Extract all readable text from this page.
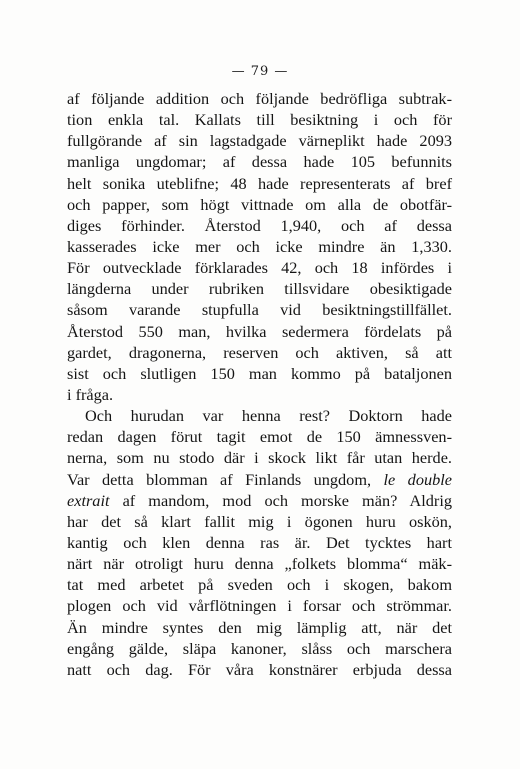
— 79 —
af följande addition och följande bedröfliga subtrak-
tion enkla tal. Kallats till besiktning i och för
fullgörande af sin lagstadgade värneplikt hade 2093
manliga ungdomar; af dessa hade 105 befunnits
helt sonika uteblifne; 48 hade representerats af bref
och papper, som högt vittnade om alla de obotfär-
diges förhinder. Återstod 1,940, och af dessa
kasserades icke mer och icke mindre än 1,330.
För outvecklade förklarades 42, och 18 infördes i
längderna under rubriken tillsvidare obesiktigade
såsom varande stupfulla vid besiktningstillfället.
Återstod 550 man, hvilka sedermera fördelats på
gardet, dragonerna, reserven och aktiven, så att
sist och slutligen 150 man kommo på bataljonen
i fråga.
Och hurudan var henna rest? Doktorn hade
redan dagen förut tagit emot de 150 ämnessven-
nerna, som nu stodo där i skock likt får utan herde.
Var detta blomman af Finlands ungdom, le double
extrait af mandom, mod och morske män? Aldrig
har det så klart fallit mig i ögonen huru oskön,
kantig och klen denna ras är. Det tycktes hart
närt när otroligt huru denna „folkets blomma“ mäk-
tat med arbetet på sveden och i skogen, bakom
plogen och vid vårflötningen i forsar och strömmar.
Än mindre syntes den mig lämplig att, när det
engång gälde, släpa kanoner, slåss och marschera
natt och dag. För våra konstnärer erbjuda dessa
